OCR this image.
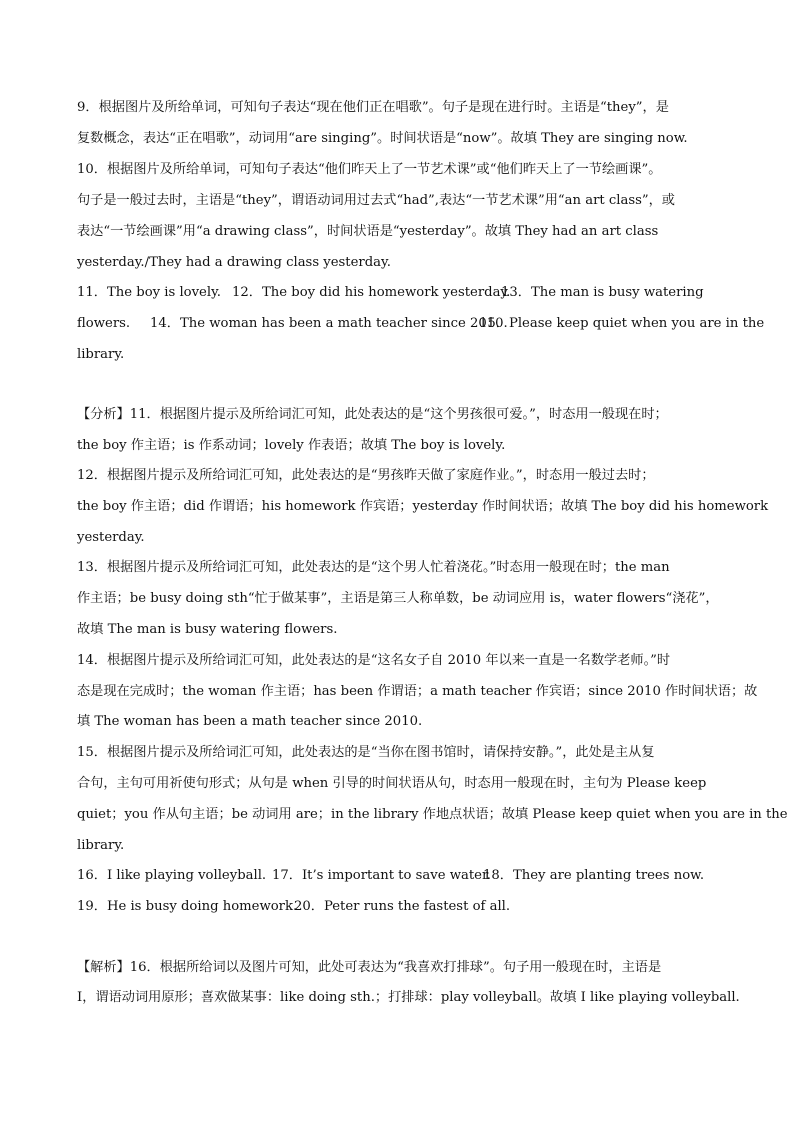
9．根据图片及所给单词，可知句子表达“现在他们正在唱歌”。句子是现在进行时。主语是“they”，是
复数概念，表达“正在唱歌”，动词用“are singing”。时间状语是“now”。故填 They are singing now.
10．根据图片及所给单词，可知句子表达“他们昨天上了一节艺术课”或“他们昨天上了一节绘画课”。
句子是一般过去时，主语是“they”，谓语动词用过去式“had”,表达“一节艺术课”用“an art class”，或
表达“一节绘画课”用“a drawing class”，时间状语是“yesterday”。故填 They had an art class
yesterday./They had a drawing class yesterday.
11．The boy is lovely. 12．The boy did his homework yesterday.
13．The man is busy watering
flowers. 14．The woman has been a math teacher since 2010.
15．Please keep quiet when you are in the
library.
【分析】11．根据图片提示及所给词汇可知，此处表达的是“这个男孩很可爱。”，时态用一般现在时；
the boy 作主语；is 作系动词；lovely 作表语；故填 The boy is lovely.
12．根据图片提示及所给词汇可知，此处表达的是“男孩昨天做了家庭作业。”，时态用一般过去时；
the boy 作主语；did 作谓语；his homework 作宾语；yesterday 作时间状语；故填 The boy did his homework
yesterday.
13．根据图片提示及所给词汇可知，此处表达的是“这个男人忙着浇花。”时态用一般现在时；the man
作主语；be busy doing sth“忙于做某事”，主语是第三人称单数，be 动词应用 is，water flowers“浇花”，
故填 The man is busy watering flowers.
14．根据图片提示及所给词汇可知，此处表达的是“这名女子自 2010 年以来一直是一名数学老师。”时
态是现在完成时；the woman 作主语；has been 作谓语；a math teacher 作宾语；since 2010 作时间状语；故
填 The woman has been a math teacher since 2010.
15．根据图片提示及所给词汇可知，此处表达的是“当你在图书馆时，请保持安静。”，此处是主从复
合句，主句可用祈使句形式；从句是 when 引导的时间状语从句，时态用一般现在时，主句为 Please keep
quiet；you 作从句主语；be 动词用 are；in the library 作地点状语；故填 Please keep quiet when you are in the
library.
16．I like playing volleyball. 17．It’s important to save water.
18．They are planting trees now.
19．He is busy doing homework.
20．Peter runs the fastest of all.
【解析】16．根据所给词以及图片可知，此处可表达为“我喜欢打排球”。句子用一般现在时，主语是
I，谓语动词用原形；喜欢做某事：like doing sth.；打排球：play volleyball。故填 I like playing volleyball.
